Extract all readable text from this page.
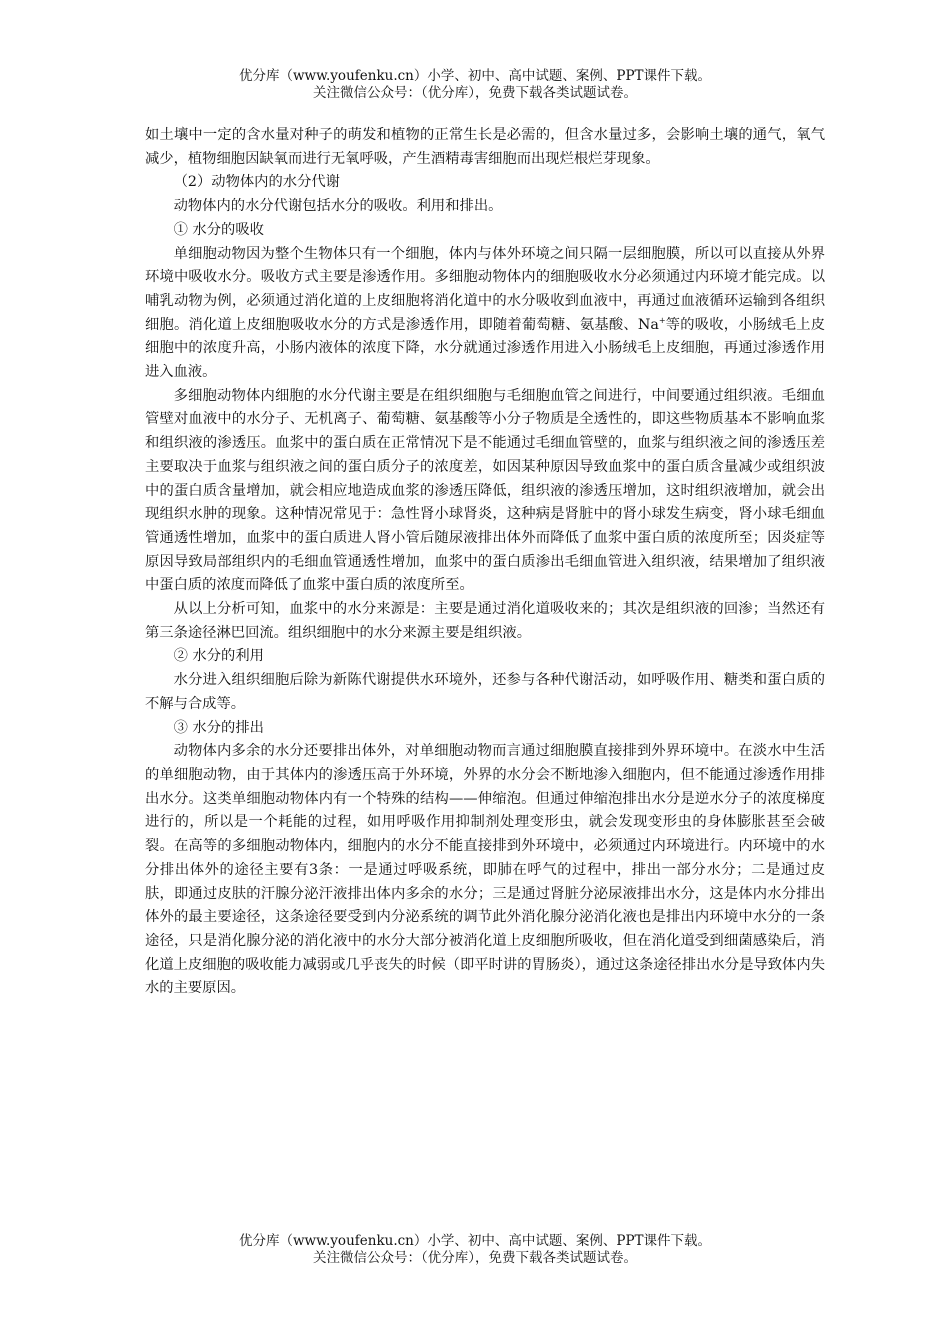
优分库（www.youfenku.cn）小学、初中、高中试题、案例、PPT课件下载。
关注微信公众号：（优分库），免费下载各类试题试卷。

如土壤中一定的含水量对种子的萌发和植物的正常生长是必需的，但含水量过多，会影响土壤的通气，氧气减少，植物细胞因缺氧而进行无氧呼吸，产生酒精毒害细胞而出现烂根烂芽现象。

（2）动物体内的水分代谢

动物体内的水分代谢包括水分的吸收。利用和排出。

① 水分的吸收

单细胞动物因为整个生物体只有一个细胞，体内与体外环境之间只隔一层细胞膜，所以可以直接从外界环境中吸收水分。吸收方式主要是渗透作用。多细胞动物体内的细胞吸收水分必须通过内环境才能完成。以哺乳动物为例，必须通过消化道的上皮细胞将消化道中的水分吸收到血液中，再通过血液循环运输到各组织细胞。消化道上皮细胞吸收水分的方式是渗透作用，即随着葡萄糖、氨基酸、Na+等的吸收，小肠绒毛上皮细胞中的浓度升高，小肠内液体的浓度下降，水分就通过渗透作用进入小肠绒毛上皮细胞，再通过渗透作用进入血液。

多细胞动物体内细胞的水分代谢主要是在组织细胞与毛细胞血管之间进行，中间要通过组织液。毛细血管壁对血液中的水分子、无机离子、葡萄糖、氨基酸等小分子物质是全透性的，即这些物质基本不影响血浆和组织液的渗透压。血浆中的蛋白质在正常情况下是不能通过毛细血管壁的，血浆与组织液之间的渗透压差主要取决于血浆与组织液之间的蛋白质分子的浓度差，如因某种原因导致血浆中的蛋白质含量减少或组织波中的蛋白质含量增加，就会相应地造成血浆的渗透压降低，组织液的渗透压增加，这时组织液增加，就会出现组织水肿的现象。这种情况常见于：急性肾小球肾炎，这种病是肾脏中的肾小球发生病变，肾小球毛细血管通透性增加，血浆中的蛋白质进人肾小管后随尿液排出体外而降低了血浆中蛋白质的浓度所至；因炎症等原因导致局部组织内的毛细血管通透性增加，血浆中的蛋白质渗出毛细血管进入组织液，结果增加了组织液中蛋白质的浓度而降低了血浆中蛋白质的浓度所至。

从以上分析可知，血浆中的水分来源是：主要是通过消化道吸收来的；其次是组织液的回渗；当然还有第三条途径淋巴回流。组织细胞中的水分来源主要是组织液。

② 水分的利用

水分进入组织细胞后除为新陈代谢提供水环境外，还参与各种代谢活动，如呼吸作用、糖类和蛋白质的不解与合成等。

③ 水分的排出

动物体内多余的水分还要排出体外，对单细胞动物而言通过细胞膜直接排到外界环境中。在淡水中生活的单细胞动物，由于其体内的渗透压高于外环境，外界的水分会不断地渗入细胞内，但不能通过渗透作用排出水分。这类单细胞动物体内有一个特殊的结构——伸缩泡。但通过伸缩泡排出水分是逆水分子的浓度梯度进行的，所以是一个耗能的过程，如用呼吸作用抑制剂处理变形虫，就会发现变形虫的身体膨胀甚至会破裂。在高等的多细胞动物体内，细胞内的水分不能直接排到外环境中，必须通过内环境进行。内环境中的水分排出体外的途径主要有3条：一是通过呼吸系统，即肺在呼气的过程中，排出一部分水分；二是通过皮肤，即通过皮肤的汗腺分泌汗液排出体内多余的水分；三是通过肾脏分泌尿液排出水分，这是体内水分排出体外的最主要途径，这条途径要受到内分泌系统的调节此外消化腺分泌消化液也是排出内环境中水分的一条途径，只是消化腺分泌的消化液中的水分大部分被消化道上皮细胞所吸收，但在消化道受到细菌感染后，消化道上皮细胞的吸收能力减弱或几乎丧失的时候（即平时讲的胃肠炎），通过这条途径排出水分是导致体内失水的主要原因。

优分库（www.youfenku.cn）小学、初中、高中试题、案例、PPT课件下载。
关注微信公众号：（优分库），免费下载各类试题试卷。
